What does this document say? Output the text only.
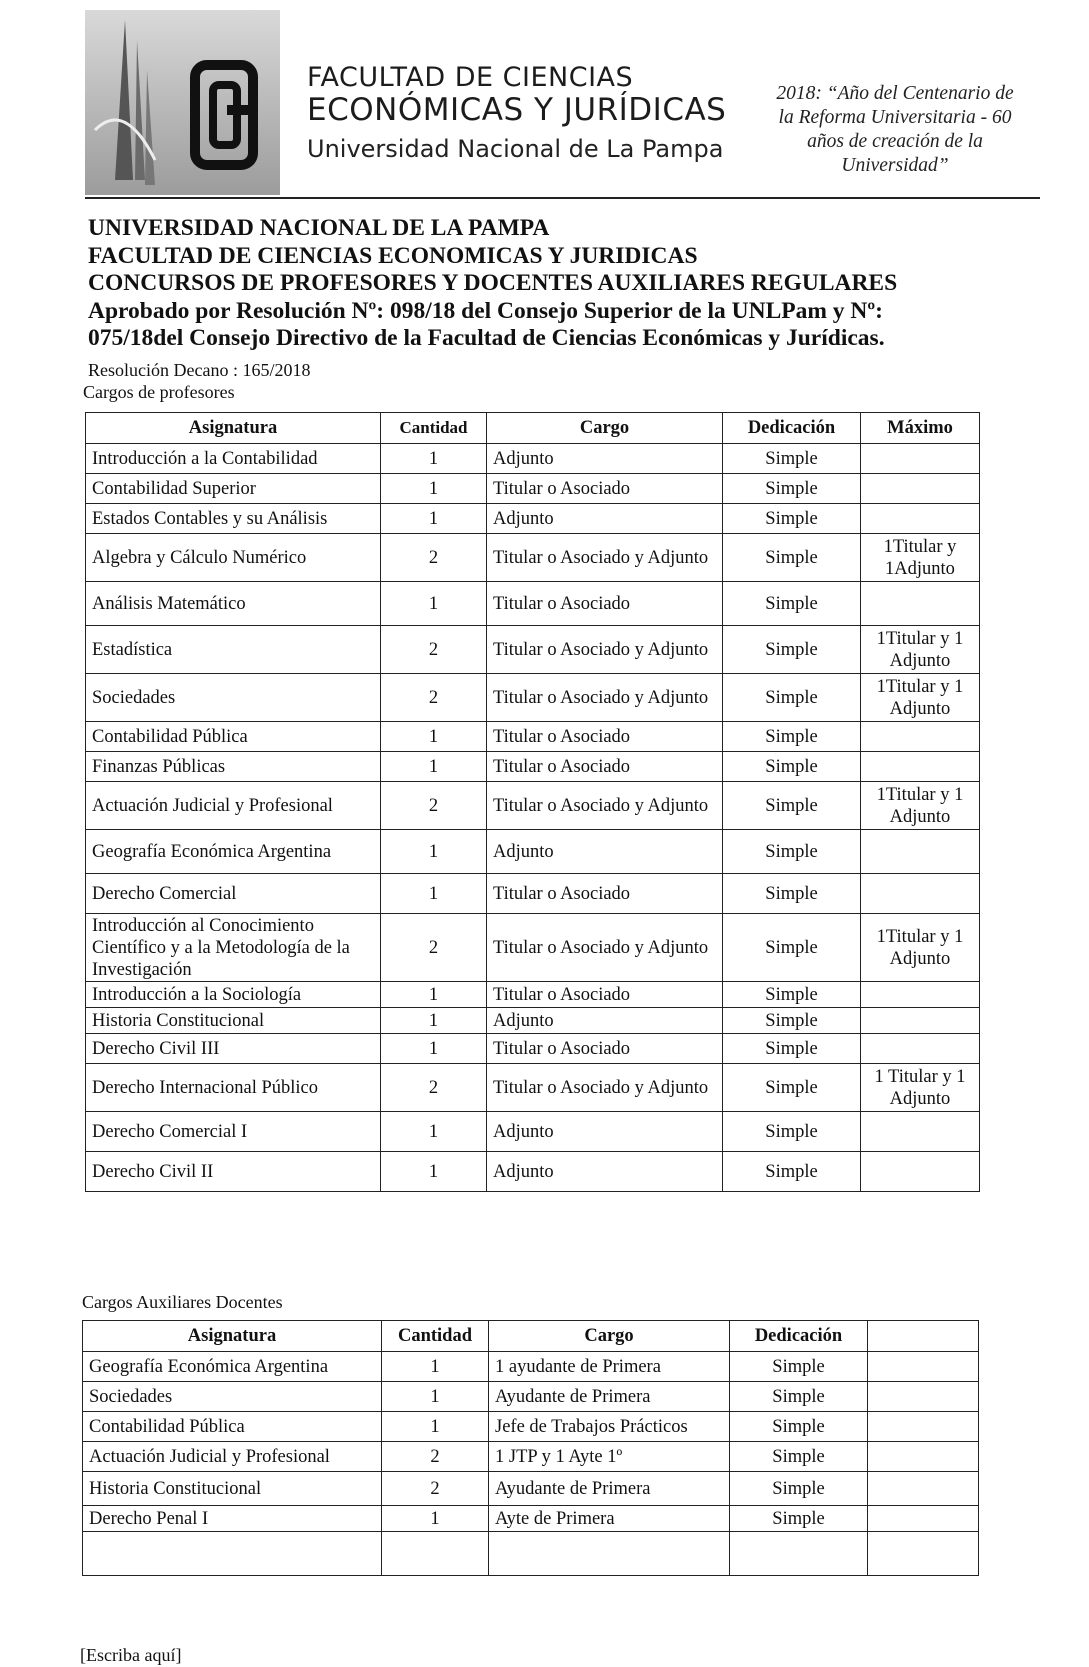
FACULTAD DE CIENCIAS
ECONÓMICAS Y JURÍDICAS
Universidad Nacional de La Pampa
2018: “Año del Centenario de
la Reforma Universitaria - 60
años de creación de la
Universidad”
UNIVERSIDAD NACIONAL DE LA PAMPA
FACULTAD DE CIENCIAS ECONOMICAS Y JURIDICAS
CONCURSOS DE PROFESORES Y DOCENTES AUXILIARES REGULARES
Aprobado por Resolución Nº: 098/18 del Consejo Superior de la UNLPam y Nº:
075/18del Consejo Directivo de la Facultad de Ciencias Económicas y Jurídicas.
Resolución Decano : 165/2018
Cargos de profesores
Asignatura	Cantidad	Cargo	Dedicación	Máximo
Introducción a la Contabilidad	1	Adjunto	Simple	
Contabilidad Superior	1	Titular o Asociado	Simple	
Estados Contables y su Análisis	1	Adjunto	Simple	
Algebra y Cálculo Numérico	2	Titular o Asociado y Adjunto	Simple	1Titular y 1Adjunto
Análisis Matemático	1	Titular o Asociado	Simple	
Estadística	2	Titular o Asociado y Adjunto	Simple	1Titular y 1 Adjunto
Sociedades	2	Titular o Asociado y Adjunto	Simple	1Titular y 1 Adjunto
Contabilidad Pública	1	Titular o Asociado	Simple	
Finanzas Públicas	1	Titular o Asociado	Simple	
Actuación Judicial y Profesional	2	Titular o Asociado y Adjunto	Simple	1Titular y 1 Adjunto
Geografía Económica Argentina	1	Adjunto	Simple	
Derecho Comercial	1	Titular o Asociado	Simple	
Introducción al Conocimiento Científico y a la Metodología de la Investigación	2	Titular o Asociado y Adjunto	Simple	1Titular y 1 Adjunto
Introducción a la Sociología	1	Titular o Asociado	Simple	
Historia Constitucional	1	Adjunto	Simple	
Derecho Civil III	1	Titular o Asociado	Simple	
Derecho Internacional Público	2	Titular o Asociado y Adjunto	Simple	1 Titular y 1 Adjunto
Derecho Comercial I	1	Adjunto	Simple	
Derecho Civil II	1	Adjunto	Simple	
Cargos Auxiliares Docentes
Asignatura	Cantidad	Cargo	Dedicación	
Geografía Económica Argentina	1	1 ayudante de Primera	Simple	
Sociedades	1	Ayudante de Primera	Simple	
Contabilidad Pública	1	Jefe de Trabajos Prácticos	Simple	
Actuación Judicial y Profesional	2	1 JTP y 1 Ayte 1º	Simple	
Historia Constitucional	2	Ayudante de Primera	Simple	
Derecho Penal I	1	Ayte de Primera	Simple	

[Escriba aquí]
